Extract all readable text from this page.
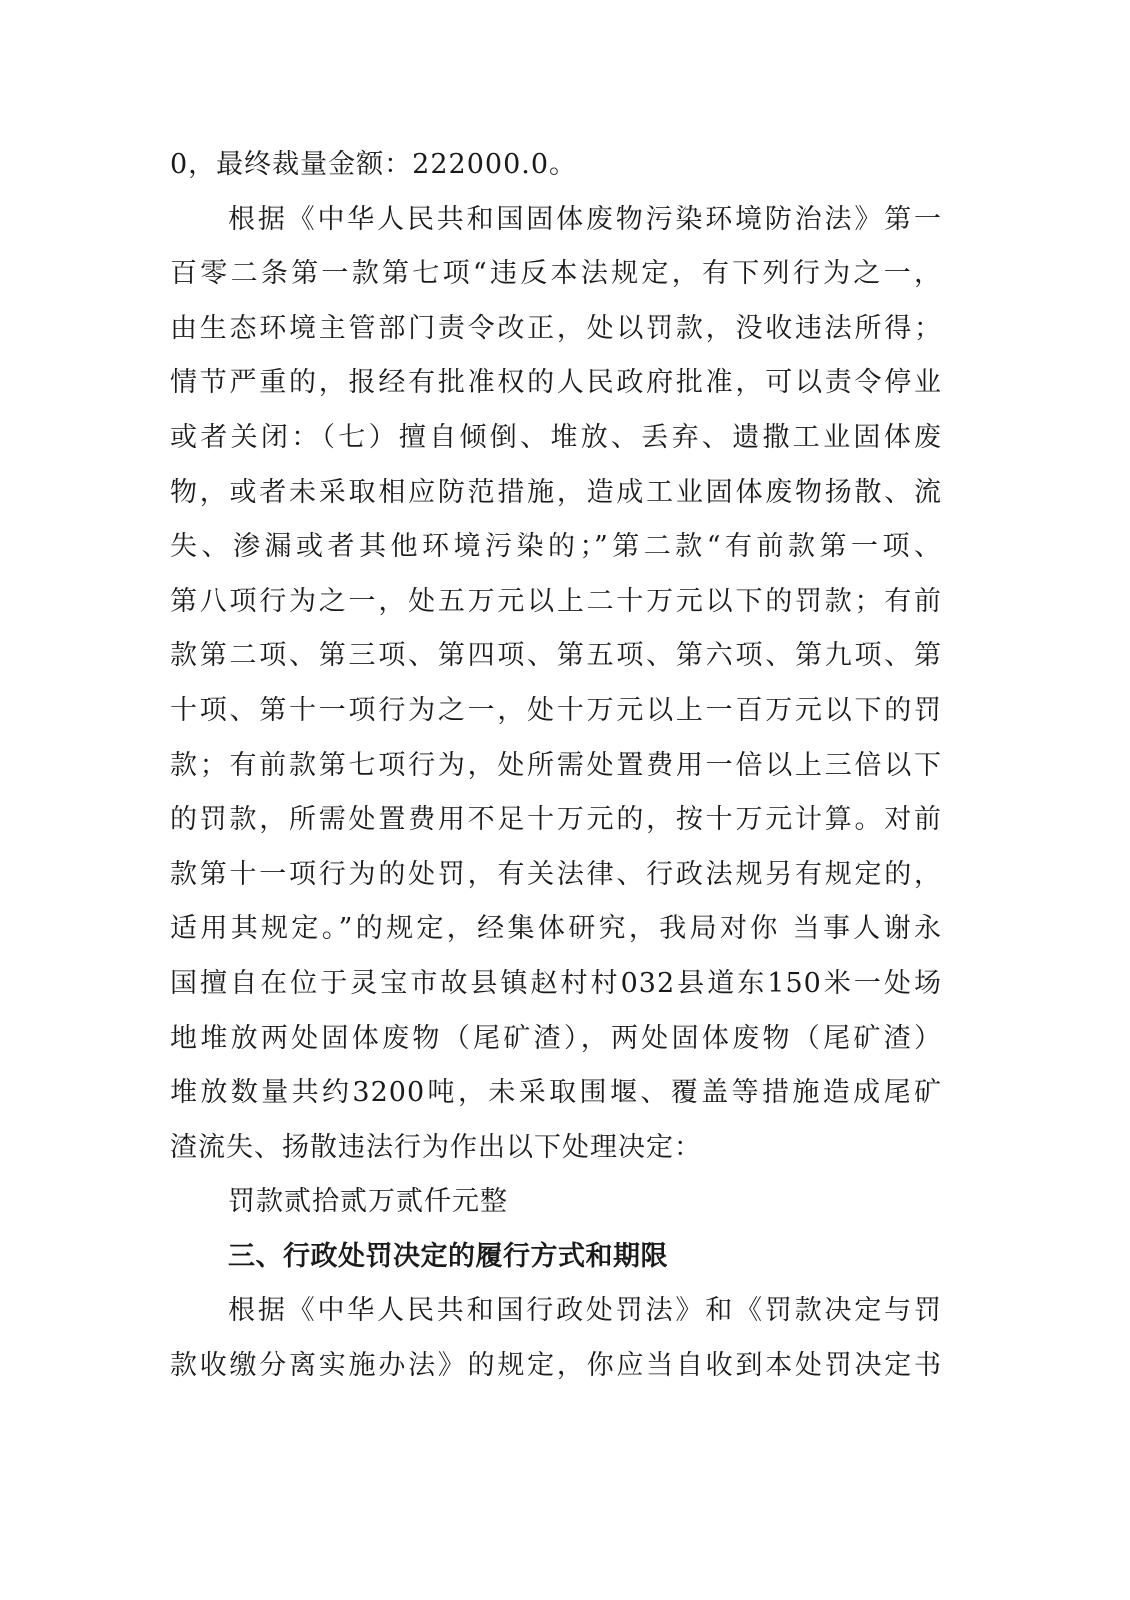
0，最终裁量金额：222000.0。
根据《中华人民共和国固体废物污染环境防治法》第一
百零二条第一款第七项“违反本法规定，有下列行为之一，
由生态环境主管部门责令改正，处以罚款，没收违法所得；
情节严重的，报经有批准权的人民政府批准，可以责令停业
或者关闭：（七）擅自倾倒、堆放、丢弃、遗撒工业固体废
物，或者未采取相应防范措施，造成工业固体废物扬散、流
失、渗漏或者其他环境污染的；”第二款“有前款第一项、
第八项行为之一，处五万元以上二十万元以下的罚款；有前
款第二项、第三项、第四项、第五项、第六项、第九项、第
十项、第十一项行为之一，处十万元以上一百万元以下的罚
款；有前款第七项行为，处所需处置费用一倍以上三倍以下
的罚款，所需处置费用不足十万元的，按十万元计算。对前
款第十一项行为的处罚，有关法律、行政法规另有规定的，
适用其规定。”的规定，经集体研究，我局对你 当事人谢永
国擅自在位于灵宝市故县镇赵村村032县道东150米一处场
地堆放两处固体废物（尾矿渣），两处固体废物（尾矿渣）
堆放数量共约3200吨，未采取围堰、覆盖等措施造成尾矿
渣流失、扬散违法行为作出以下处理决定：
罚款贰拾贰万贰仟元整
三、行政处罚决定的履行方式和期限
根据《中华人民共和国行政处罚法》和《罚款决定与罚
款收缴分离实施办法》的规定，你应当自收到本处罚决定书
